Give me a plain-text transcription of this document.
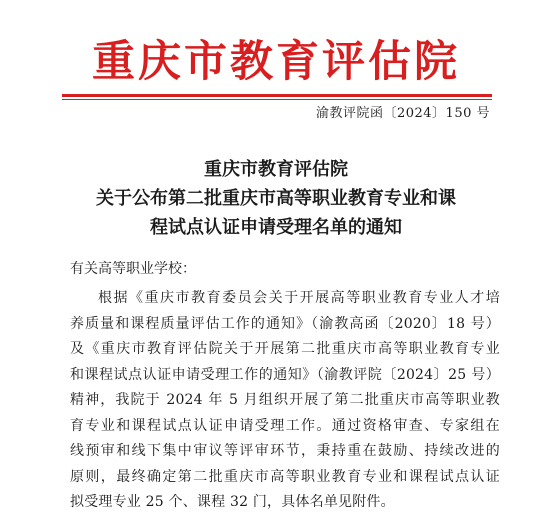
重庆市教育评估院
渝教评院函〔2024〕150 号
重庆市教育评估院
关于公布第二批重庆市高等职业教育专业和课
程试点认证申请受理名单的通知
有关高等职业学校：
根据《重庆市教育委员会关于开展高等职业教育专业人才培
养质量和课程质量评估工作的通知》（渝教高函〔2020〕18 号）
及《重庆市教育评估院关于开展第二批重庆市高等职业教育专业
和课程试点认证申请受理工作的通知》（渝教评院〔2024〕25 号）
精神，我院于 2024 年 5 月组织开展了第二批重庆市高等职业教
育专业和课程试点认证申请受理工作。通过资格审查、专家组在
线预审和线下集中审议等评审环节，秉持重在鼓励、持续改进的
原则，最终确定第二批重庆市高等职业教育专业和课程试点认证
拟受理专业 25 个、课程 32 门，具体名单见附件。
